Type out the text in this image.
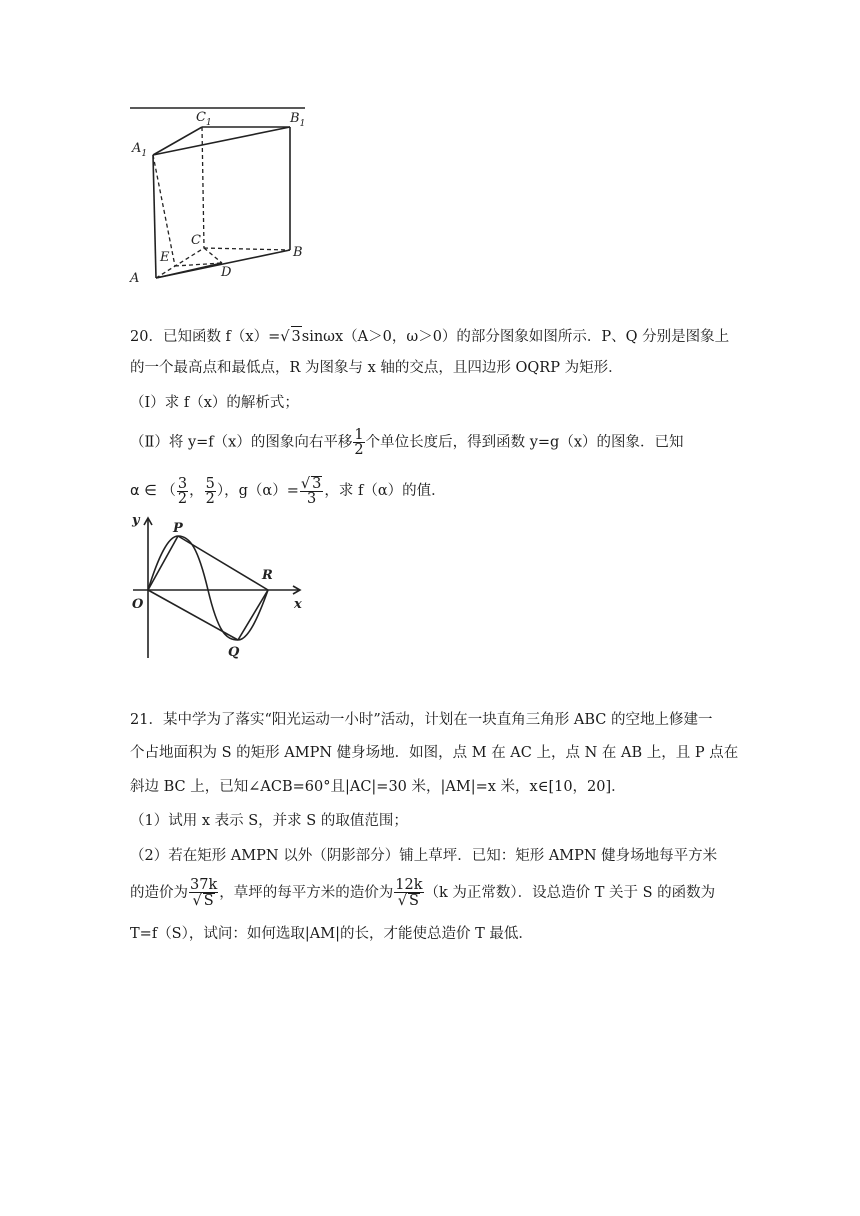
$C_1$	$B_1$
$A_1$
C
B
E
D
A
20．已知函数 f（x）=√ 3sinωx（A＞0，ω＞0）的部分图象如图所示．P、Q 分别是图象上
的一个最高点和最低点，R 为图象与 x 轴的交点，且四边形 OQRP 为矩形．
（Ⅰ）求 f（x）的解析式；
（Ⅱ）将 y=f（x）的图象向右平移 $\frac{1}{2}$ 个单位长度后，得到函数 y=g（x）的图象．已知
α ∈ （ $\frac{3}{2}$ ， $\frac{5}{2}$ ），$g(\alpha)= \frac{√ 3}{3}$ ，求 f（α）的值．
y
P
R
O	x
Q
21．某中学为了落实“阳光运动一小时”活动，计划在一块直角三角形 ABC 的空地上修建一
个占地面积为 S 的矩形 AMPN 健身场地．如图，点 M 在 AC 上，点 N 在 AB 上，且 P 点在
斜边 BC 上，已知∠ACB=60°且|AC|=30 米，|AM|=x 米，x∈[10，20]．
（1）试用 x 表示 S，并求 S 的取值范围；
（2）若在矩形 AMPN 以外（阴影部分）铺上草坪．已知：矩形 AMPN 健身场地每平方米
的造价为 $\frac{37k}{√ S}$ ，草坪的每平方米的造价为 $\frac{12k}{√ S} (k$ 为正常数）．设总造价 T 关于 S 的函数为
T=f（S），试问：如何选取|AM|的长，才能使总造价 T 最低．
